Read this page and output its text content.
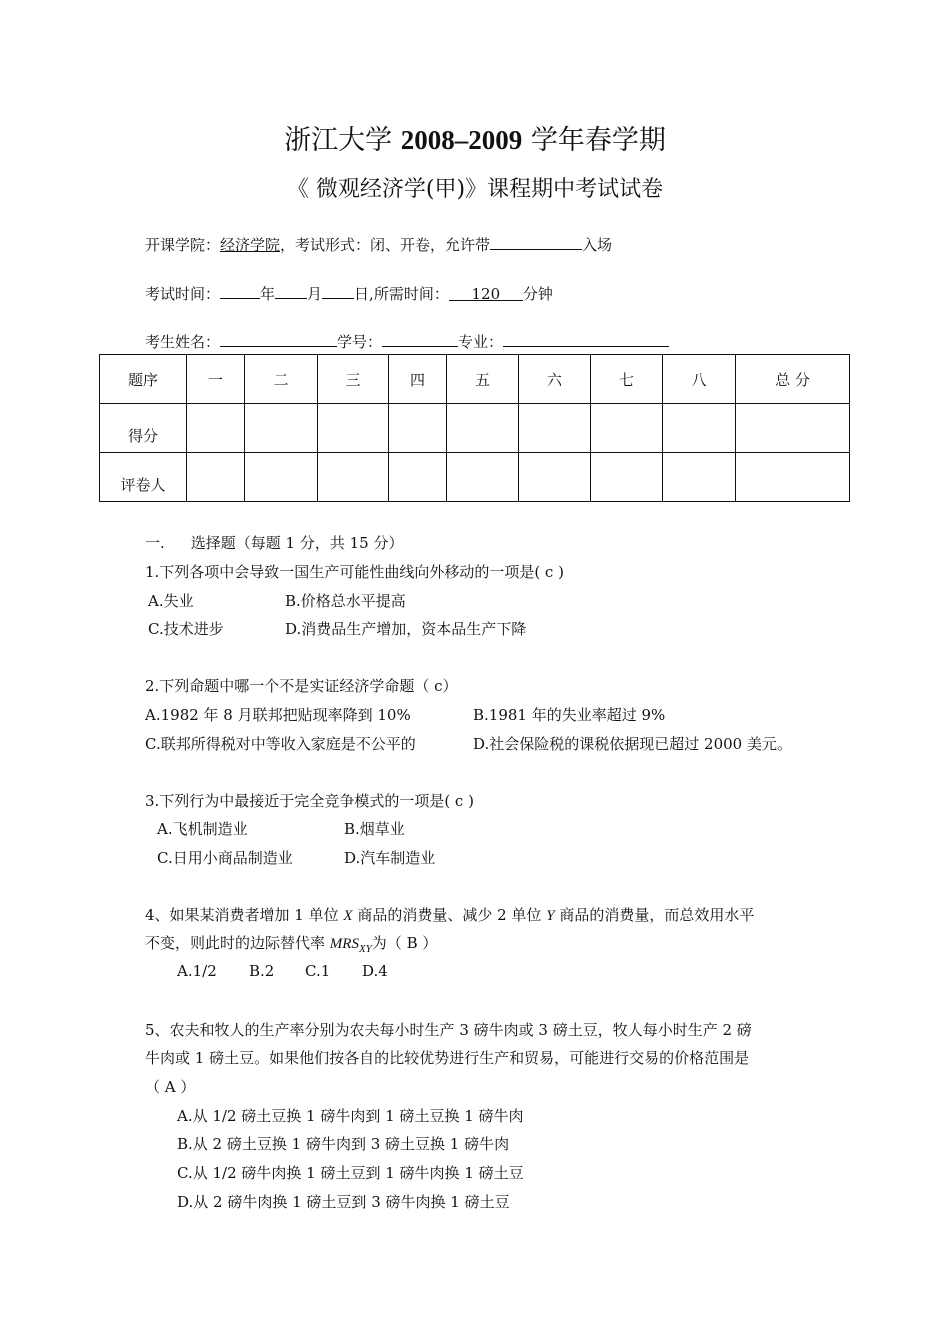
浙江大学 2008–2009 学年春学期
《 微观经济学(甲)》课程期中考试试卷
开课学院：经济学院，考试形式：闭、开卷，允许带	入场
考试时间：	年 月 日,所需时间： 120 分钟
考生姓名：	学号：	专业：
题序	一	二	三	四	五	六	七	八	总 分
得分									
评卷人									
一. 选择题（每题 1 分，共 15 分）
1.下列各项中会导致一国生产可能性曲线向外移动的一项是( c )
A.失业	B.价格总水平提高
C.技术进步	D.消费品生产增加，资本品生产下降
2.下列命题中哪一个不是实证经济学命题（ c）
A.1982 年 8 月联邦把贴现率降到 10%	B.1981 年的失业率超过 9%
C.联邦所得税对中等收入家庭是不公平的	D.社会保险税的课税依据现已超过 2000 美元。
3.下列行为中最接近于完全竞争模式的一项是( c )
A.飞机制造业	B.烟草业
C.日用小商品制造业	D.汽车制造业
4、如果某消费者增加 1 单位 X 商品的消费量、减少 2 单位 Y 商品的消费量，而总效用水平
不变，则此时的边际替代率 $MRS_{XY}$为（ B ）
A.1/2 B.2 C.1 D.4
5、农夫和牧人的生产率分别为农夫每小时生产 3 磅牛肉或 3 磅土豆，牧人每小时生产 2 磅
牛肉或 1 磅土豆。如果他们按各自的比较优势进行生产和贸易，可能进行交易的价格范围是
（ A ）
A.从 1/2 磅土豆换 1 磅牛肉到 1 磅土豆换 1 磅牛肉
B.从 2 磅土豆换 1 磅牛肉到 3 磅土豆换 1 磅牛肉
C.从 1/2 磅牛肉换 1 磅土豆到 1 磅牛肉换 1 磅土豆
D.从 2 磅牛肉换 1 磅土豆到 3 磅牛肉换 1 磅土豆
